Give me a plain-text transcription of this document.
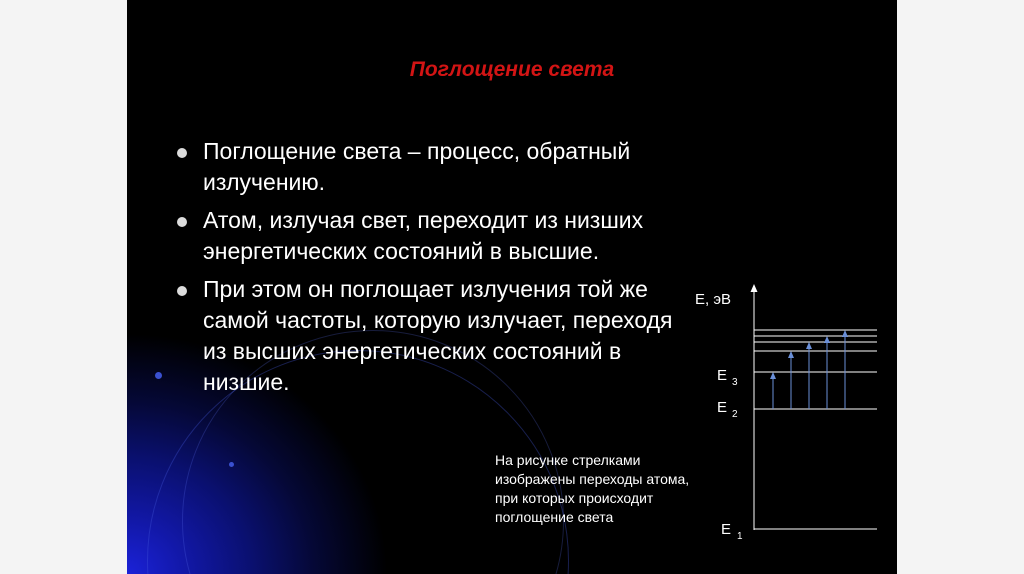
Поглощение света
Поглощение света – процесс, обратный излучению.
Атом, излучая свет, переходит из низших энергетических состояний в высшие.
При этом он поглощает излучения той же самой частоты, которую излучает, переходя из высших энергетических состояний в низшие.
На рисунке стрелками изображены переходы атома, при которых происходит поглощение света
Е, эВ
Е 3
Е 2
Е 1
